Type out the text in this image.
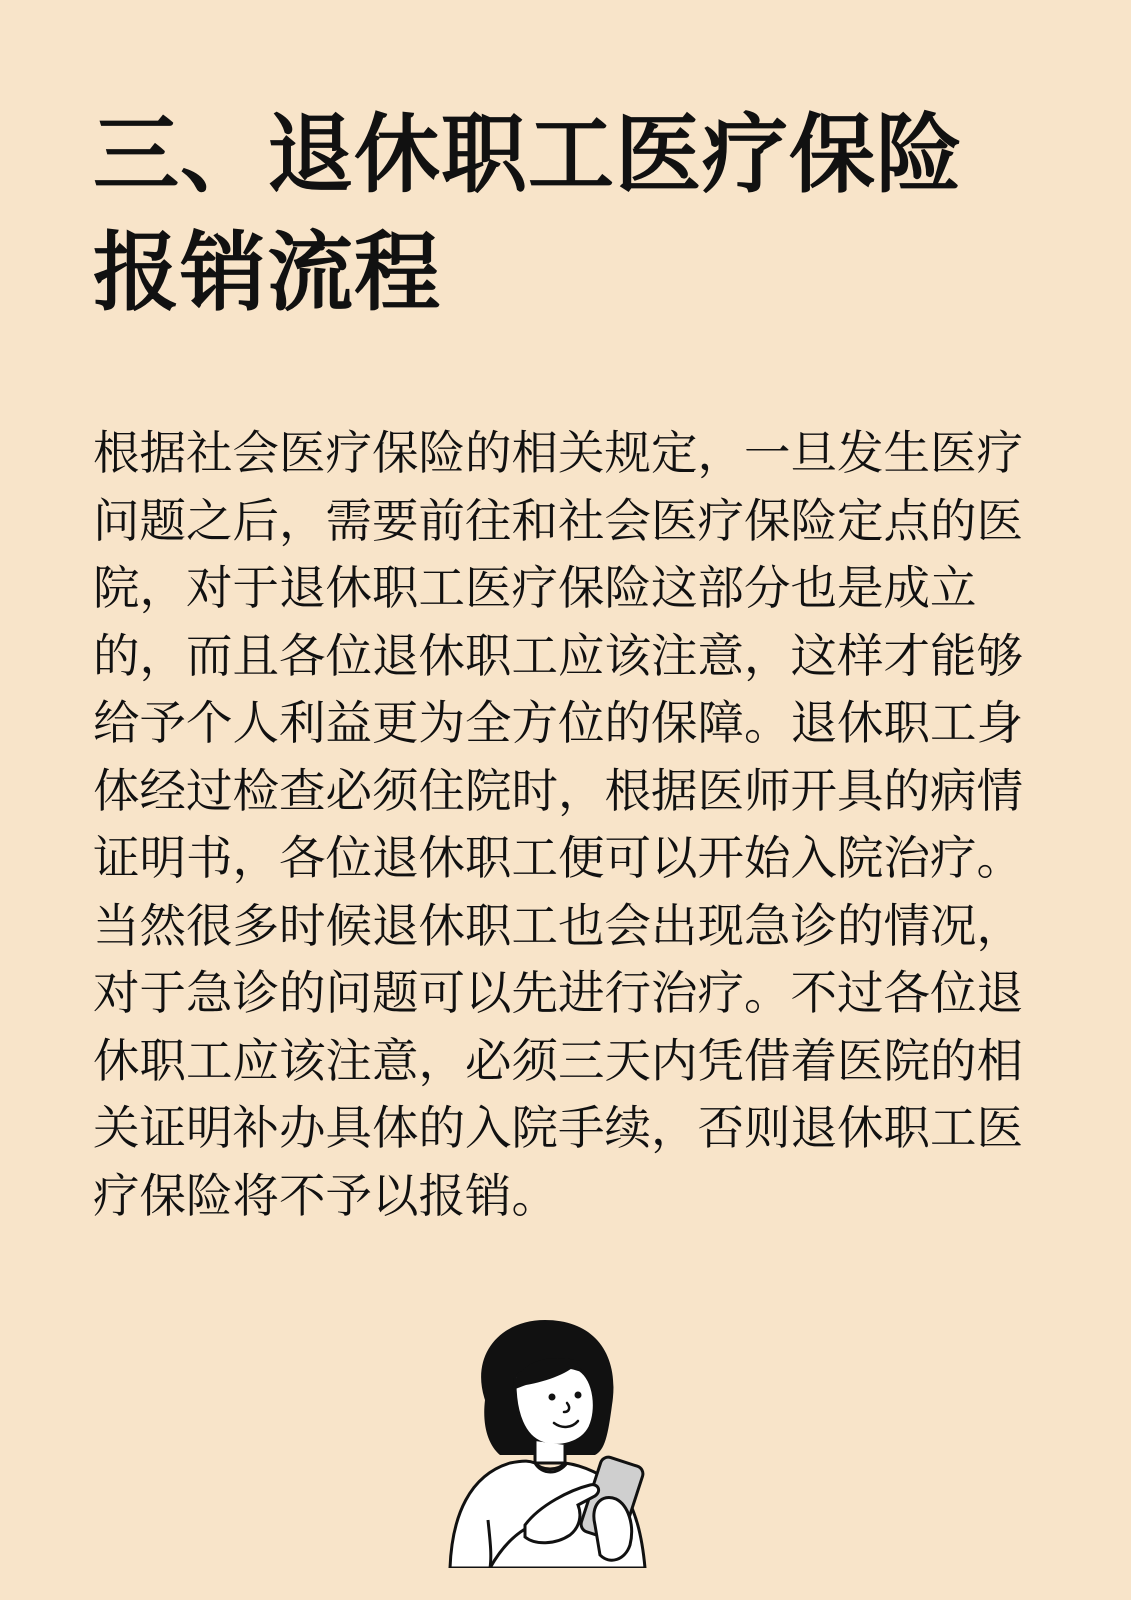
三、退休职工医疗保险报销流程

根据社会医疗保险的相关规定，一旦发生医疗问题之后，需要前往和社会医疗保险定点的医院，对于退休职工医疗保险这部分也是成立的，而且各位退休职工应该注意，这样才能够给予个人利益更为全方位的保障。退休职工身体经过检查必须住院时，根据医师开具的病情证明书，各位退休职工便可以开始入院治疗。

当然很多时候退休职工也会出现急诊的情况，对于急诊的问题可以先进行治疗。不过各位退休职工应该注意，必须三天内凭借着医院的相关证明补办具体的入院手续，否则退休职工医疗保险将不予以报销。
